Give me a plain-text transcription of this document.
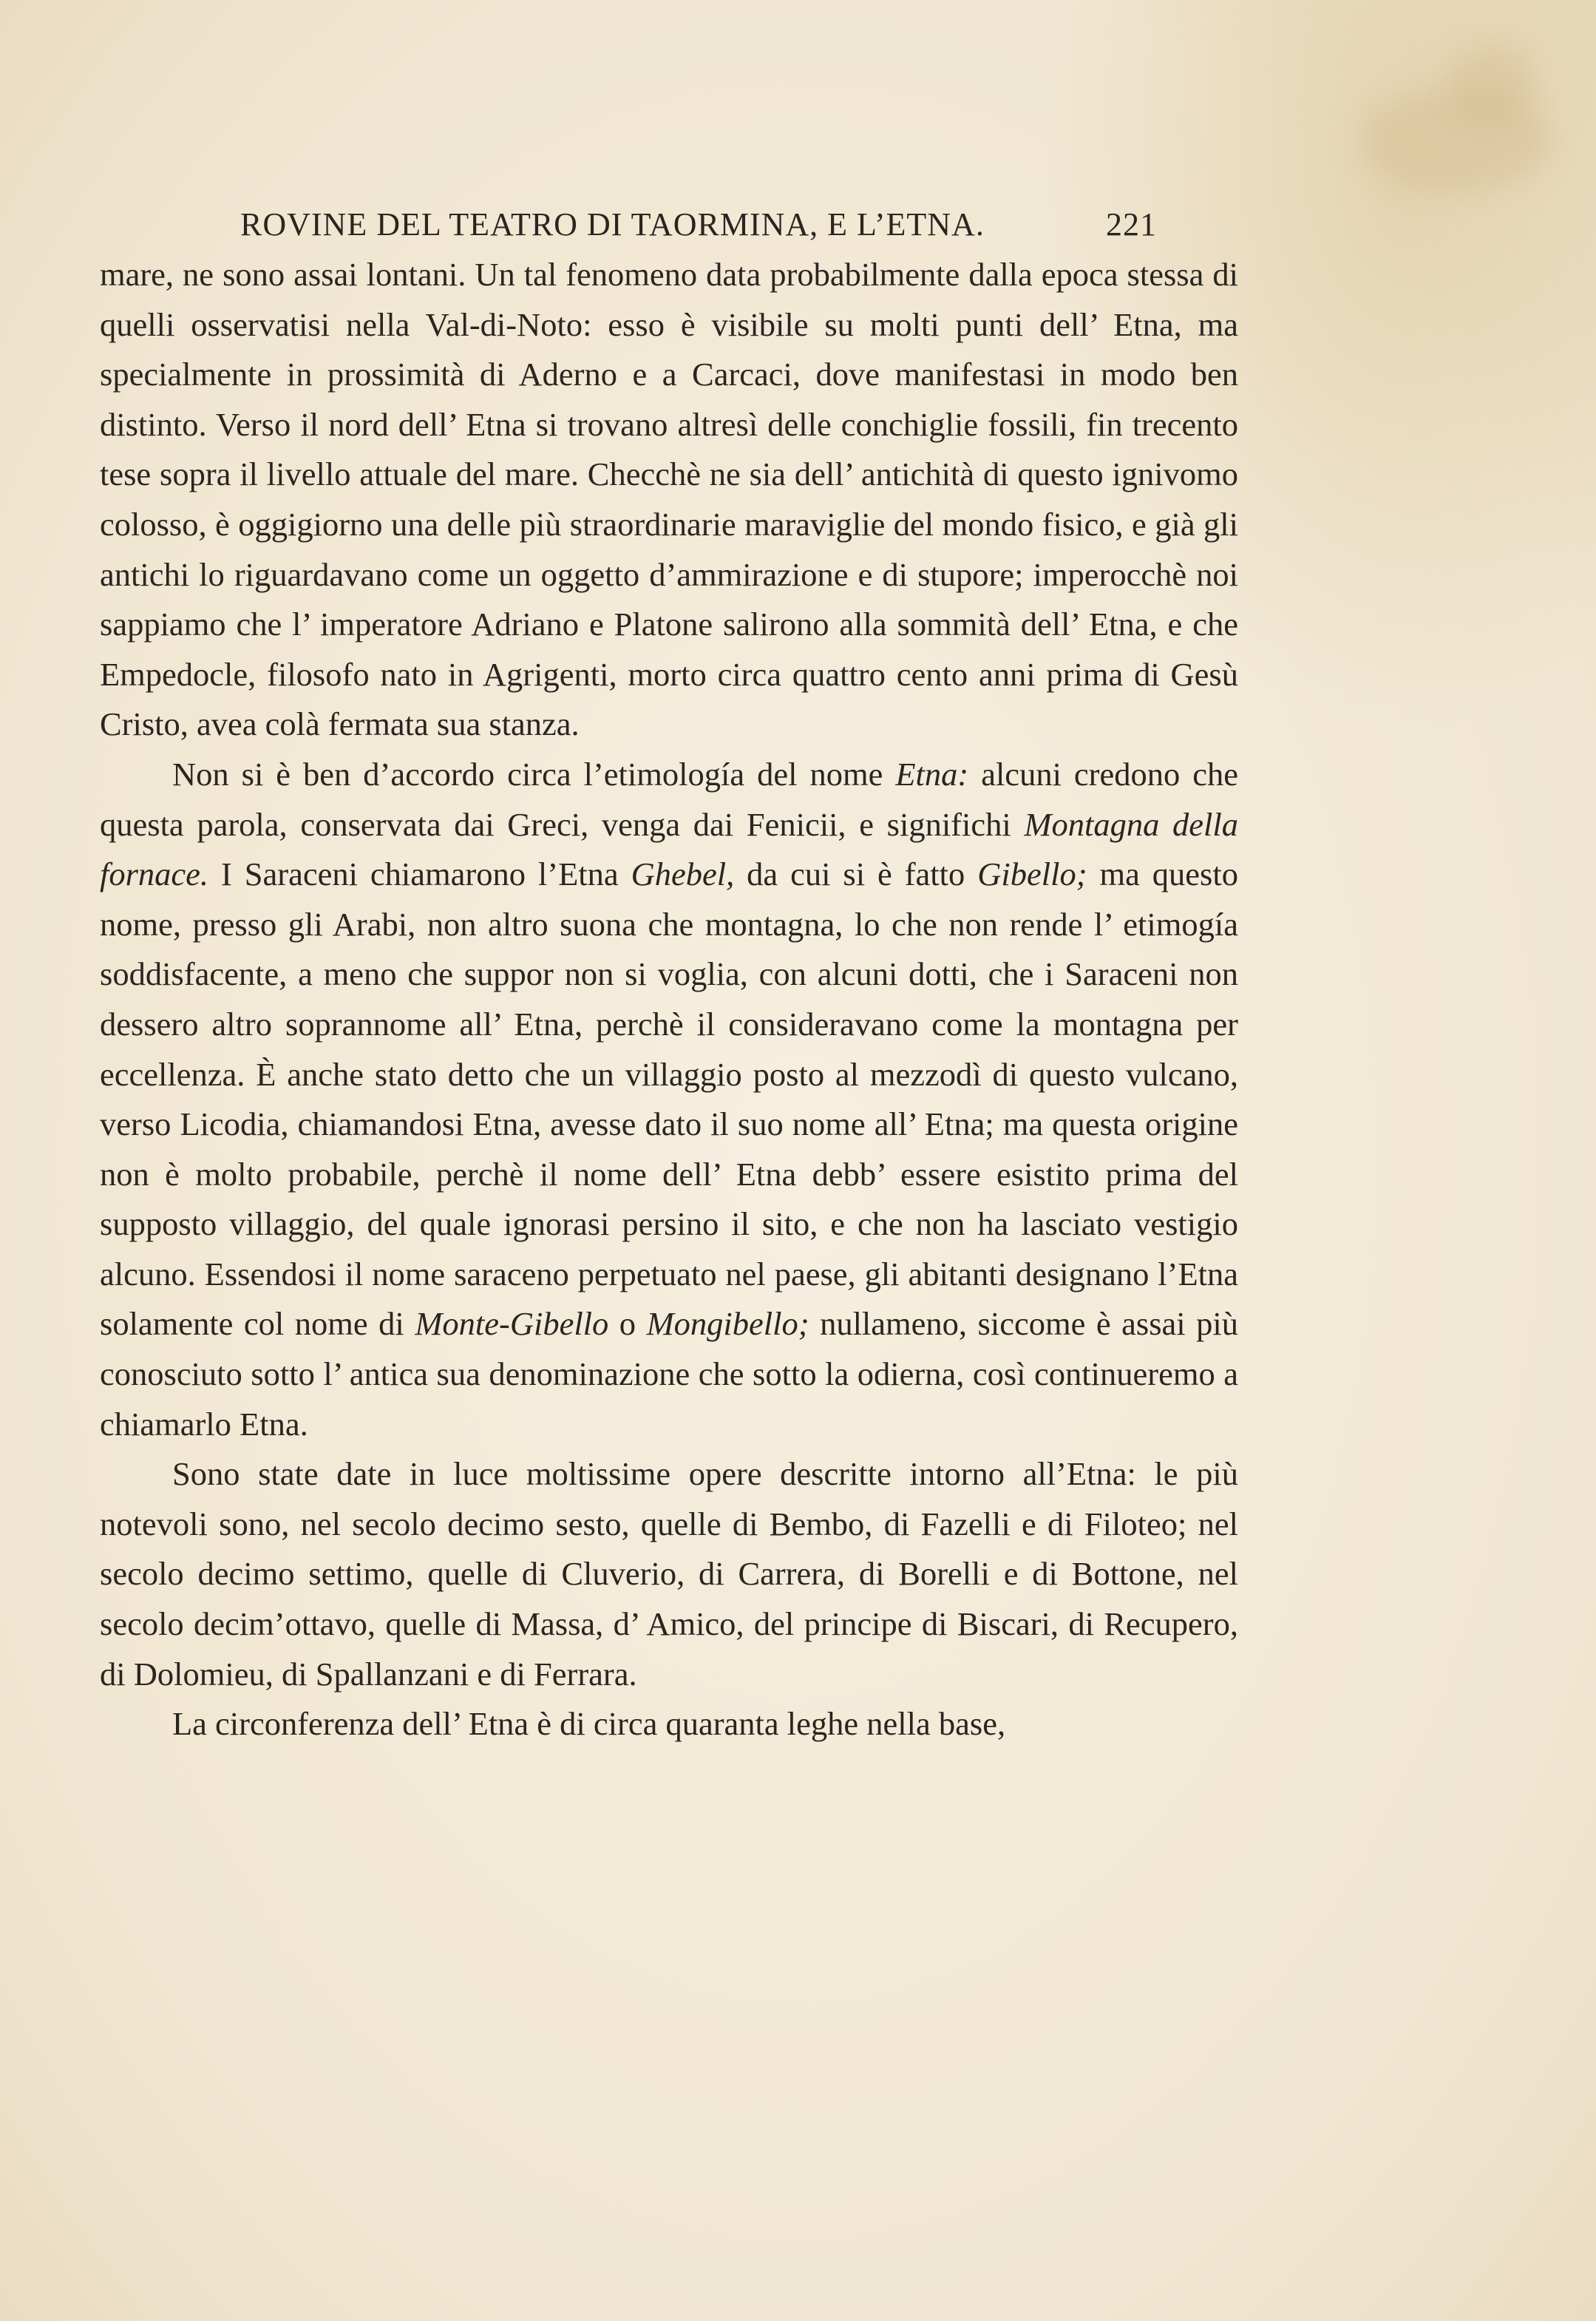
ROVINE DEL TEATRO DI TAORMINA, E L’ETNA.	221

mare, ne sono assai lontani. Un tal fenomeno data probabilmente dalla epoca stessa di quelli osservatisi nella Val-di-Noto: esso è visibile su molti punti dell’ Etna, ma specialmente in prossimità di Aderno e a Carcaci, dove manifestasi in modo ben distinto. Verso il nord dell’ Etna si trovano altresì delle conchiglie fossili, fin trecento tese sopra il livello attuale del mare. Checchè ne sia dell’ antichità di questo ignivomo colosso, è oggigiorno una delle più straordinarie maraviglie del mondo fisico, e già gli antichi lo riguardavano come un oggetto d’ammirazione e di stupore; imperocchè noi sappiamo che l’ imperatore Adriano e Platone salirono alla sommità dell’ Etna, e che Empedocle, filosofo nato in Agrigenti, morto circa quattro cento anni prima di Gesù Cristo, avea colà fermata sua stanza.

Non si è ben d’accordo circa l’etimología del nome Etna: alcuni credono che questa parola, conservata dai Greci, venga dai Fenicii, e significhi Montagna della fornace. I Saraceni chiamarono l’Etna Ghebel, da cui si è fatto Gibello; ma questo nome, presso gli Arabi, non altro suona che montagna, lo che non rende l’ etimogía soddisfacente, a meno che suppor non si voglia, con alcuni dotti, che i Saraceni non dessero altro soprannome all’ Etna, perchè il consideravano come la montagna per eccellenza. È anche stato detto che un villaggio posto al mezzodì di questo vulcano, verso Licodia, chiamandosi Etna, avesse dato il suo nome all’ Etna; ma questa origine non è molto probabile, perchè il nome dell’ Etna debb’ essere esistito prima del supposto villaggio, del quale ignorasi persino il sito, e che non ha lasciato vestigio alcuno. Essendosi il nome saraceno perpetuato nel paese, gli abitanti designano l’Etna solamente col nome di Monte-Gibello o Mongibello; nullameno, siccome è assai più conosciuto sotto l’ antica sua denominazione che sotto la odierna, così continueremo a chiamarlo Etna.

Sono state date in luce moltissime opere descritte intorno all’Etna: le più notevoli sono, nel secolo decimo sesto, quelle di Bembo, di Fazelli e di Filoteo; nel secolo decimo settimo, quelle di Cluverio, di Carrera, di Borelli e di Bottone, nel secolo decim’ottavo, quelle di Massa, d’ Amico, del principe di Biscari, di Recupero, di Dolomieu, di Spallanzani e di Ferrara.

La circonferenza dell’ Etna è di circa quaranta leghe nella base,
